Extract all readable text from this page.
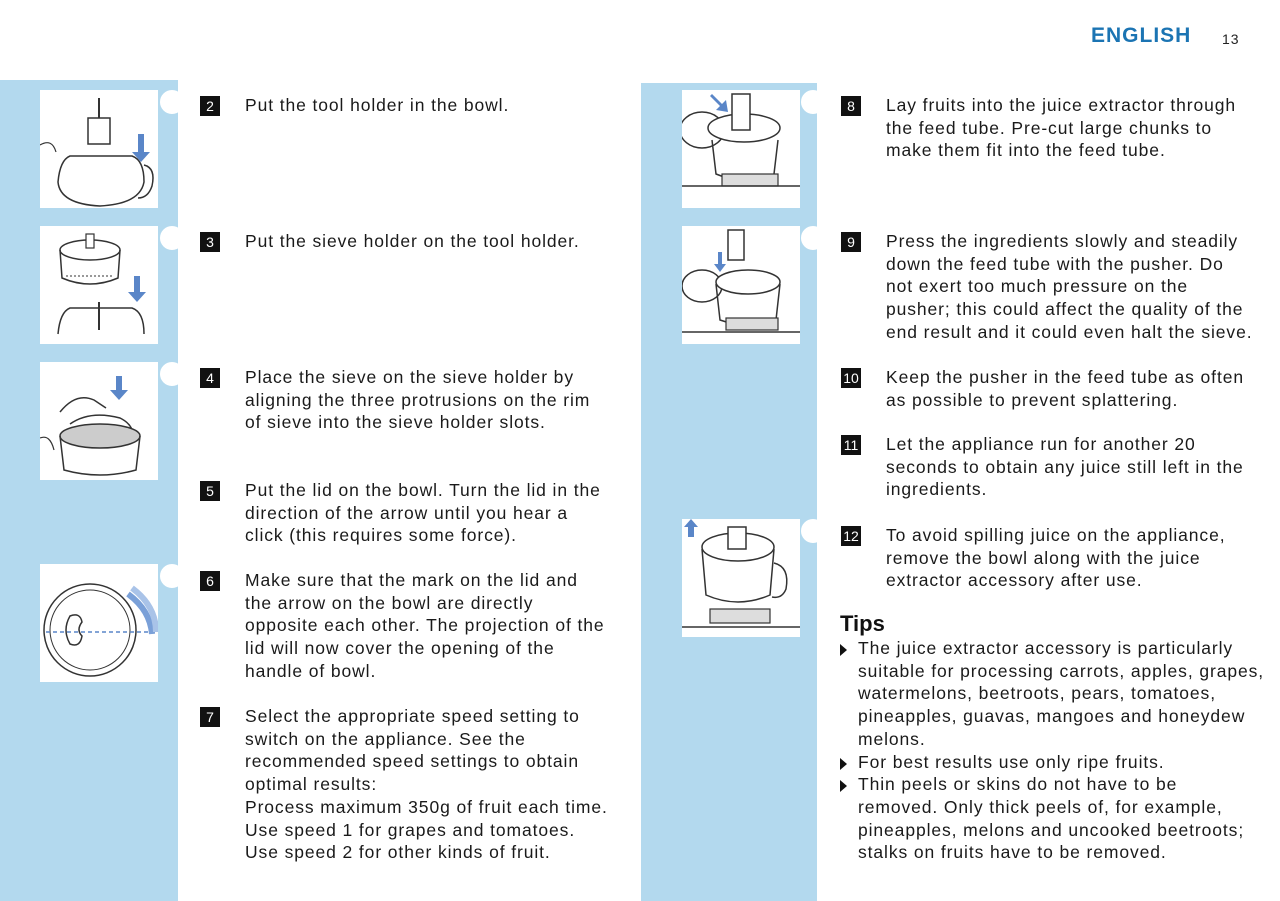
ENGLISH 13
2	Put the tool holder in the bowl.
3	Put the sieve holder on the tool holder.
4	Place the sieve on the sieve holder by
aligning the three protrusions on the rim
of sieve into the sieve holder slots.
5	Put the lid on the bowl. Turn the lid in the
direction of the arrow until you hear a
click (this requires some force).
6	Make sure that the mark on the lid and
the arrow on the bowl are directly
opposite each other. The projection of the
lid will now cover the opening of the
handle of bowl.
7	Select the appropriate speed setting to
switch on the appliance. See the
recommended speed settings to obtain
optimal results:
Process maximum 350g of fruit each time.
Use speed 1 for grapes and tomatoes.
Use speed 2 for other kinds of fruit.
8	Lay fruits into the juice extractor through
the feed tube. Pre-cut large chunks to
make them fit into the feed tube.
9	Press the ingredients slowly and steadily
down the feed tube with the pusher. Do
not exert too much pressure on the
pusher; this could affect the quality of the
end result and it could even halt the sieve.
10 Keep the pusher in the feed tube as often
as possible to prevent splattering.
11 Let the appliance run for another 20
seconds to obtain any juice still left in the
ingredients.
12 To avoid spilling juice on the appliance,
remove the bowl along with the juice
extractor accessory after use.
Tips
The juice extractor accessory is particularly
suitable for processing carrots, apples, grapes,
watermelons, beetroots, pears, tomatoes,
pineapples, guavas, mangoes and honeydew
melons.
For best results use only ripe fruits.
Thin peels or skins do not have to be
removed. Only thick peels of, for example,
pineapples, melons and uncooked beetroots;
stalks on fruits have to be removed.
